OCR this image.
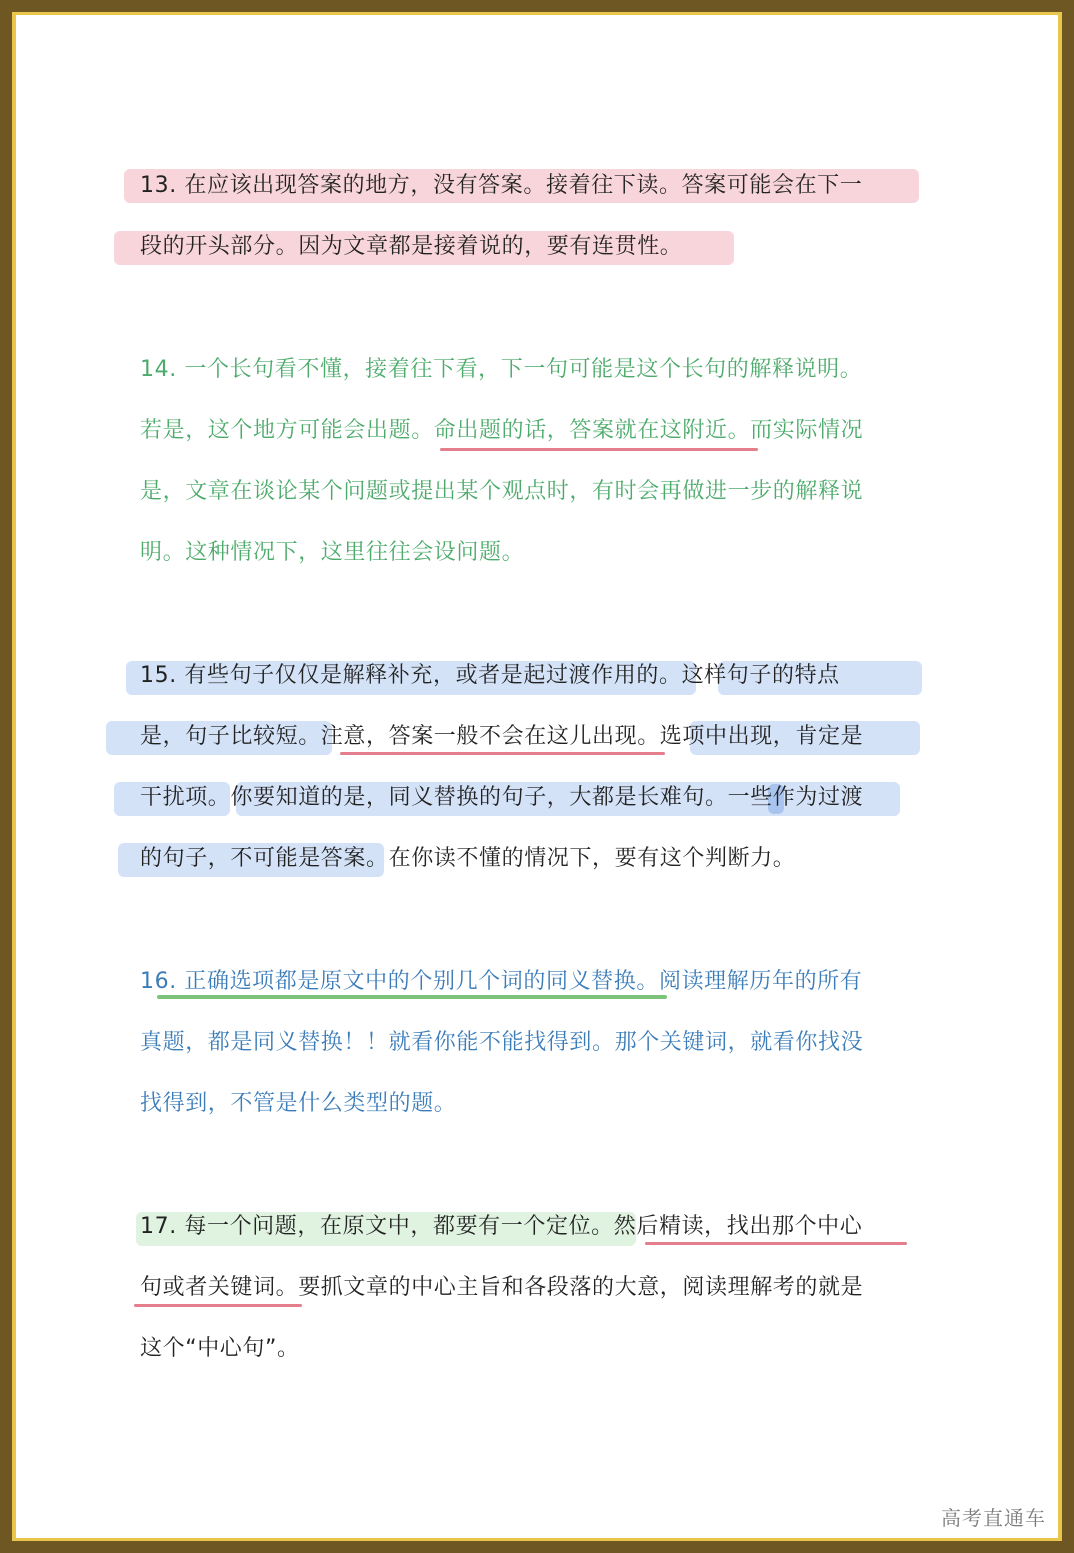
13. 在应该出现答案的地方，没有答案。接着往下读。答案可能会在下一
段的开头部分。因为文章都是接着说的，要有连贯性。
14. 一个长句看不懂，接着往下看，下一句可能是这个长句的解释说明。
若是，这个地方可能会出题。命出题的话，答案就在这附近。而实际情况
是，文章在谈论某个问题或提出某个观点时，有时会再做进一步的解释说
明。这种情况下，这里往往会设问题。
15. 有些句子仅仅是解释补充，或者是起过渡作用的。这样句子的特点
是，句子比较短。注意，答案一般不会在这儿出现。选项中出现，肯定是
干扰项。你要知道的是，同义替换的句子，大都是长难句。一些作为过渡
的句子，不可能是答案。在你读不懂的情况下，要有这个判断力。
16. 正确选项都是原文中的个别几个词的同义替换。阅读理解历年的所有
真题，都是同义替换！！就看你能不能找得到。那个关键词，就看你找没
找得到，不管是什么类型的题。
17. 每一个问题，在原文中，都要有一个定位。然后精读，找出那个中心
句或者关键词。要抓文章的中心主旨和各段落的大意，阅读理解考的就是
这个“中心句”。
高考直通车
